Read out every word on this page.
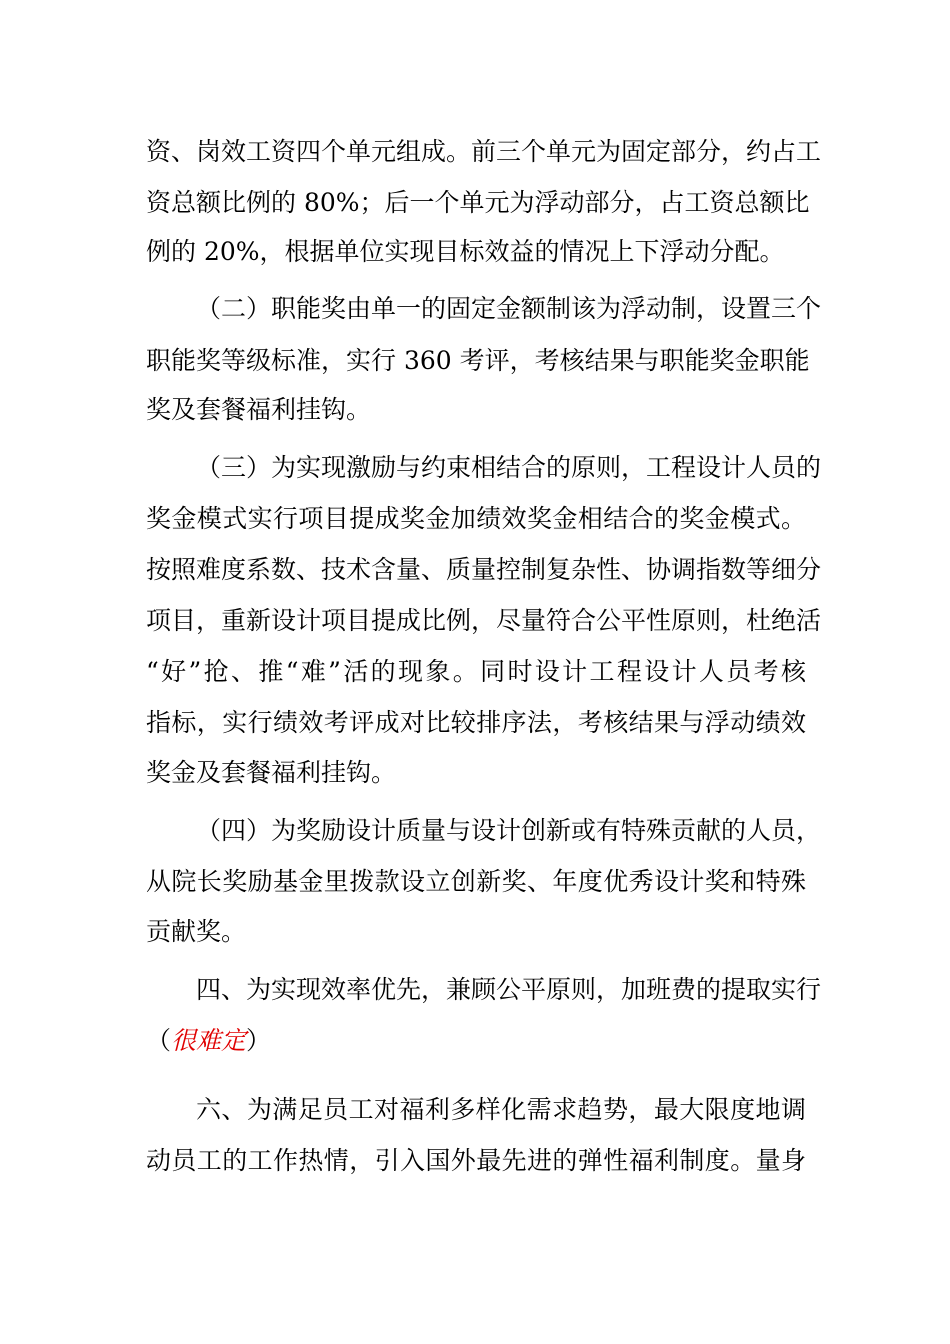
资、岗效工资四个单元组成。前三个单元为固定部分，约占工
资总额比例的 80%；后一个单元为浮动部分，占工资总额比
例的 20%，根据单位实现目标效益的情况上下浮动分配。
（二）职能奖由单一的固定金额制该为浮动制，设置三个
职能奖等级标准，实行 360 考评，考核结果与职能奖金职能
奖及套餐福利挂钩。
（三）为实现激励与约束相结合的原则，工程设计人员的
奖金模式实行项目提成奖金加绩效奖金相结合的奖金模式。
按照难度系数、技术含量、质量控制复杂性、协调指数等细分
项目，重新设计项目提成比例，尽量符合公平性原则，杜绝活
“好”抢、推“难”活的现象。同时设计工程设计人员考核
指标，实行绩效考评成对比较排序法，考核结果与浮动绩效
奖金及套餐福利挂钩。
（四）为奖励设计质量与设计创新或有特殊贡献的人员，
从院长奖励基金里拨款设立创新奖、年度优秀设计奖和特殊
贡献奖。
四、为实现效率优先，兼顾公平原则，加班费的提取实行
（很难定）
六、为满足员工对福利多样化需求趋势，最大限度地调
动员工的工作热情，引入国外最先进的弹性福利制度。量身
